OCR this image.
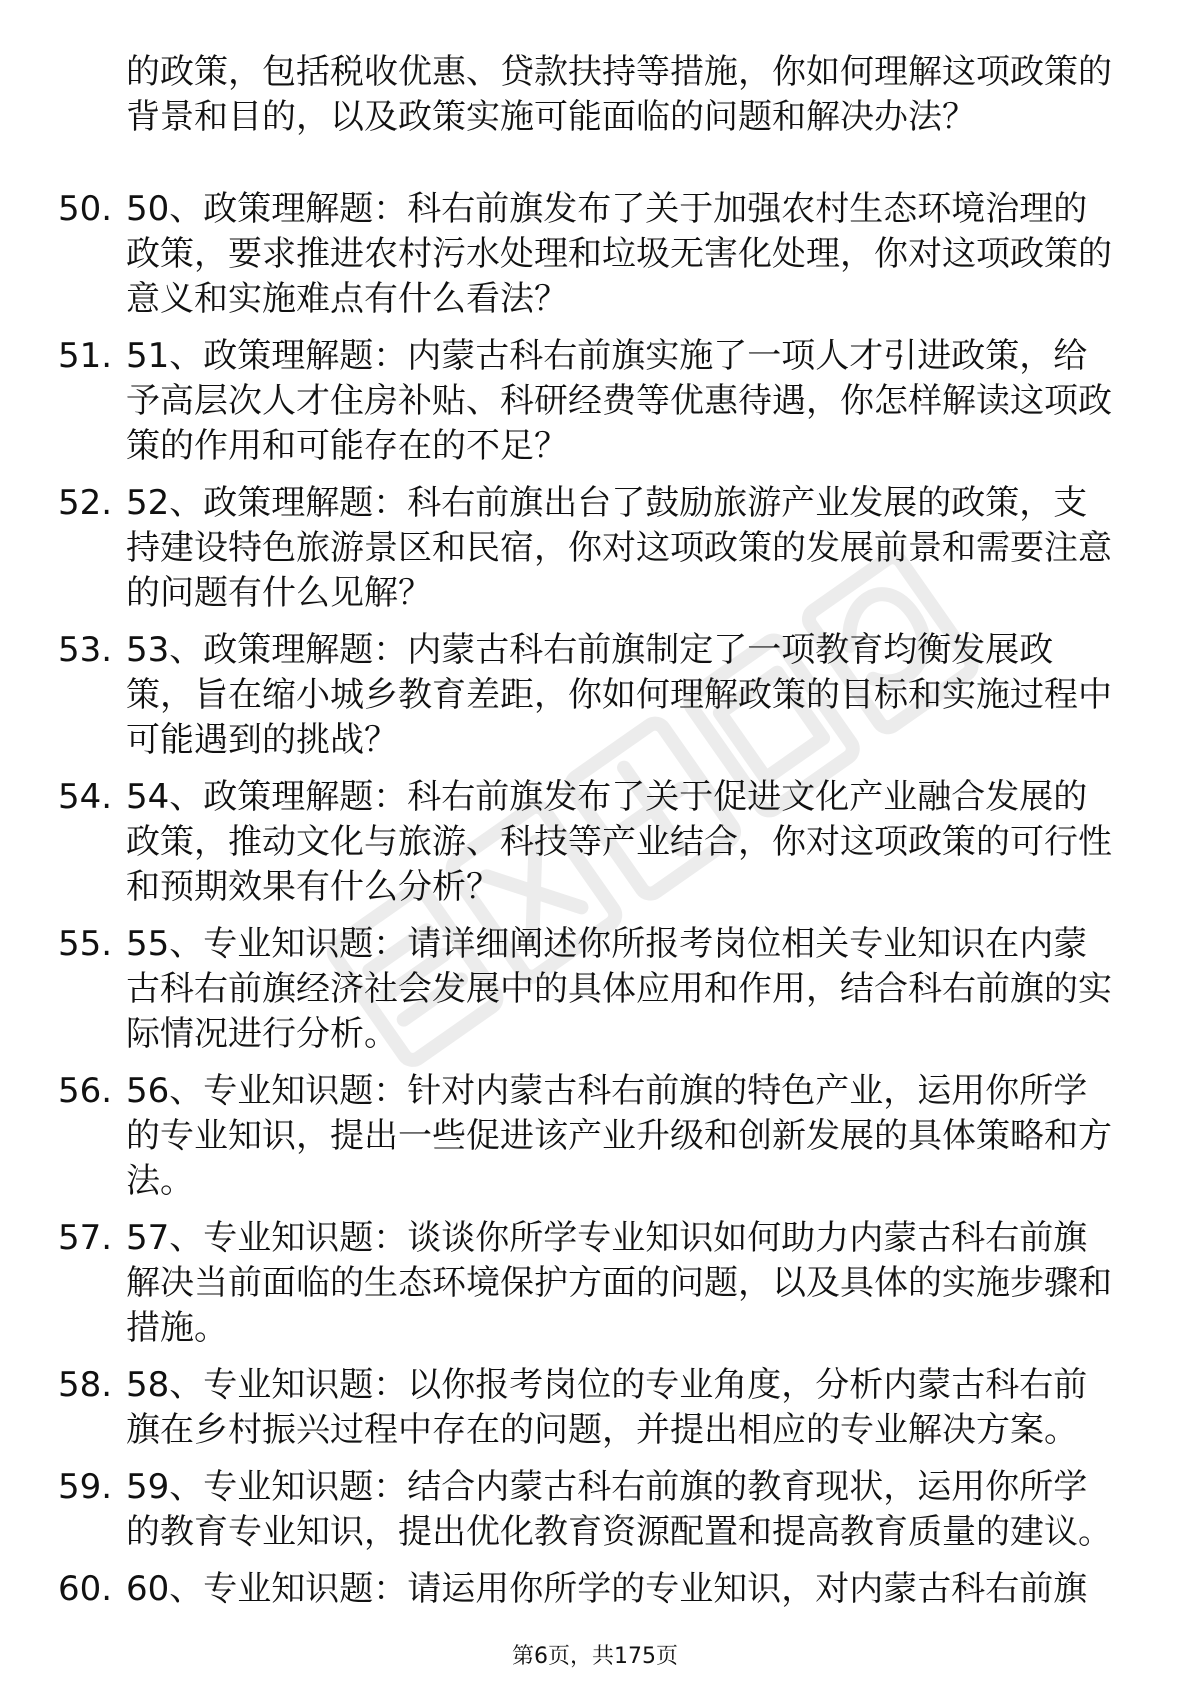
的政策，包括税收优惠、贷款扶持等措施，你如何理解这项政策的背景和目的，以及政策实施可能面临的问题和解决办法？
50. 50、政策理解题：科右前旗发布了关于加强农村生态环境治理的政策，要求推进农村污水处理和垃圾无害化处理，你对这项政策的意义和实施难点有什么看法？
51. 51、政策理解题：内蒙古科右前旗实施了一项人才引进政策，给予高层次人才住房补贴、科研经费等优惠待遇，你怎样解读这项政策的作用和可能存在的不足？
52. 52、政策理解题：科右前旗出台了鼓励旅游产业发展的政策，支持建设特色旅游景区和民宿，你对这项政策的发展前景和需要注意的问题有什么见解？
53. 53、政策理解题：内蒙古科右前旗制定了一项教育均衡发展政策，旨在缩小城乡教育差距，你如何理解政策的目标和实施过程中可能遇到的挑战？
54. 54、政策理解题：科右前旗发布了关于促进文化产业融合发展的政策，推动文化与旅游、科技等产业结合，你对这项政策的可行性和预期效果有什么分析？
55. 55、专业知识题：请详细阐述你所报考岗位相关专业知识在内蒙古科右前旗经济社会发展中的具体应用和作用，结合科右前旗的实际情况进行分析。
56. 56、专业知识题：针对内蒙古科右前旗的特色产业，运用你所学的专业知识，提出一些促进该产业升级和创新发展的具体策略和方法。
57. 57、专业知识题：谈谈你所学专业知识如何助力内蒙古科右前旗解决当前面临的生态环境保护方面的问题，以及具体的实施步骤和措施。
58. 58、专业知识题：以你报考岗位的专业角度，分析内蒙古科右前旗在乡村振兴过程中存在的问题，并提出相应的专业解决方案。
59. 59、专业知识题：结合内蒙古科右前旗的教育现状，运用你所学的教育专业知识，提出优化教育资源配置和提高教育质量的建议。
60. 60、专业知识题：请运用你所学的专业知识，对内蒙古科右前旗
第6页，共175页
